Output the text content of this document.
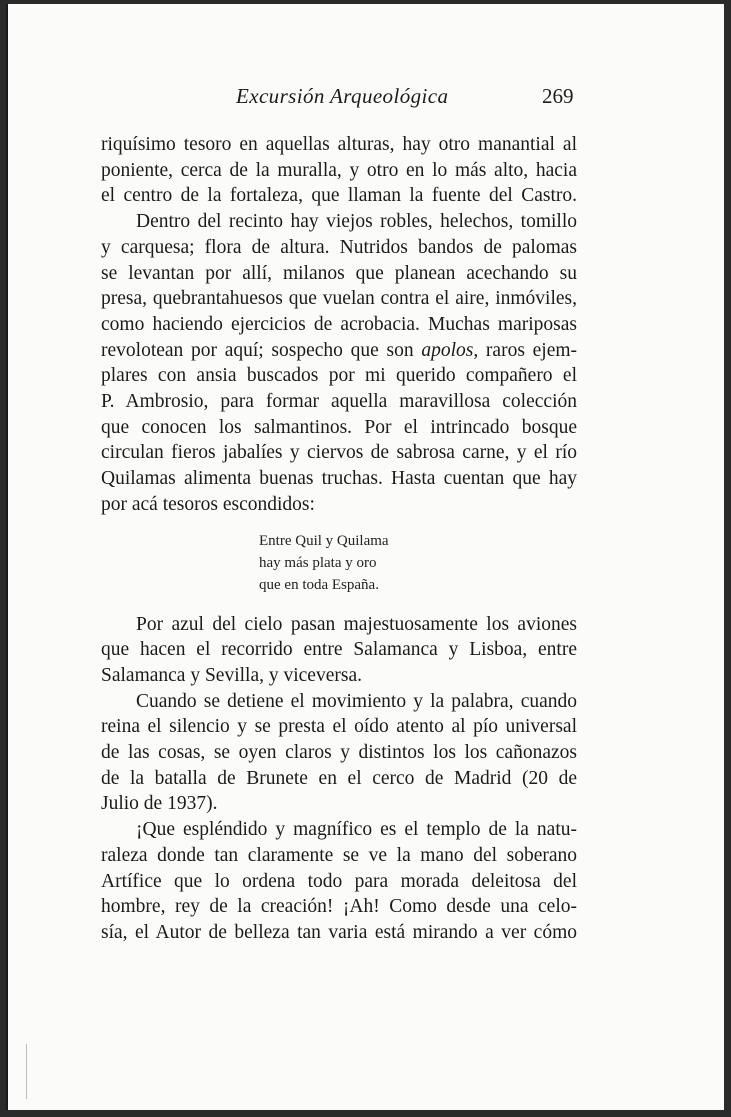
Excursión Arqueológica	269

riquísimo tesoro en aquellas alturas, hay otro manantial al
poniente, cerca de la muralla, y otro en lo más alto, hacia
el centro de la fortaleza, que llaman la fuente del Castro.

Dentro del recinto hay viejos robles, helechos, tomillo
y carquesa; flora de altura. Nutridos bandos de palomas
se levantan por allí, milanos que planean acechando su
presa, quebrantahuesos que vuelan contra el aire, inmóviles,
como haciendo ejercicios de acrobacia. Muchas mariposas
revolotean por aquí; sospecho que son apolos, raros ejem-
plares con ansia buscados por mi querido compañero el
P. Ambrosio, para formar aquella maravillosa colección
que conocen los salmantinos. Por el intrincado bosque
circulan fieros jabalíes y ciervos de sabrosa carne, y el río
Quilamas alimenta buenas truchas. Hasta cuentan que hay
por acá tesoros escondidos:

Entre Quil y Quilama
hay más plata y oro
que en toda España.

Por azul del cielo pasan majestuosamente los aviones
que hacen el recorrido entre Salamanca y Lisboa, entre
Salamanca y Sevilla, y viceversa.

Cuando se detiene el movimiento y la palabra, cuando
reina el silencio y se presta el oído atento al pío universal
de las cosas, se oyen claros y distintos los los cañonazos
de la batalla de Brunete en el cerco de Madrid (20 de
Julio de 1937).

¡Que espléndido y magnífico es el templo de la natu-
raleza donde tan claramente se ve la mano del soberano
Artífice que lo ordena todo para morada deleitosa del
hombre, rey de la creación! ¡Ah! Como desde una celo-
sía, el Autor de belleza tan varia está mirando a ver cómo
